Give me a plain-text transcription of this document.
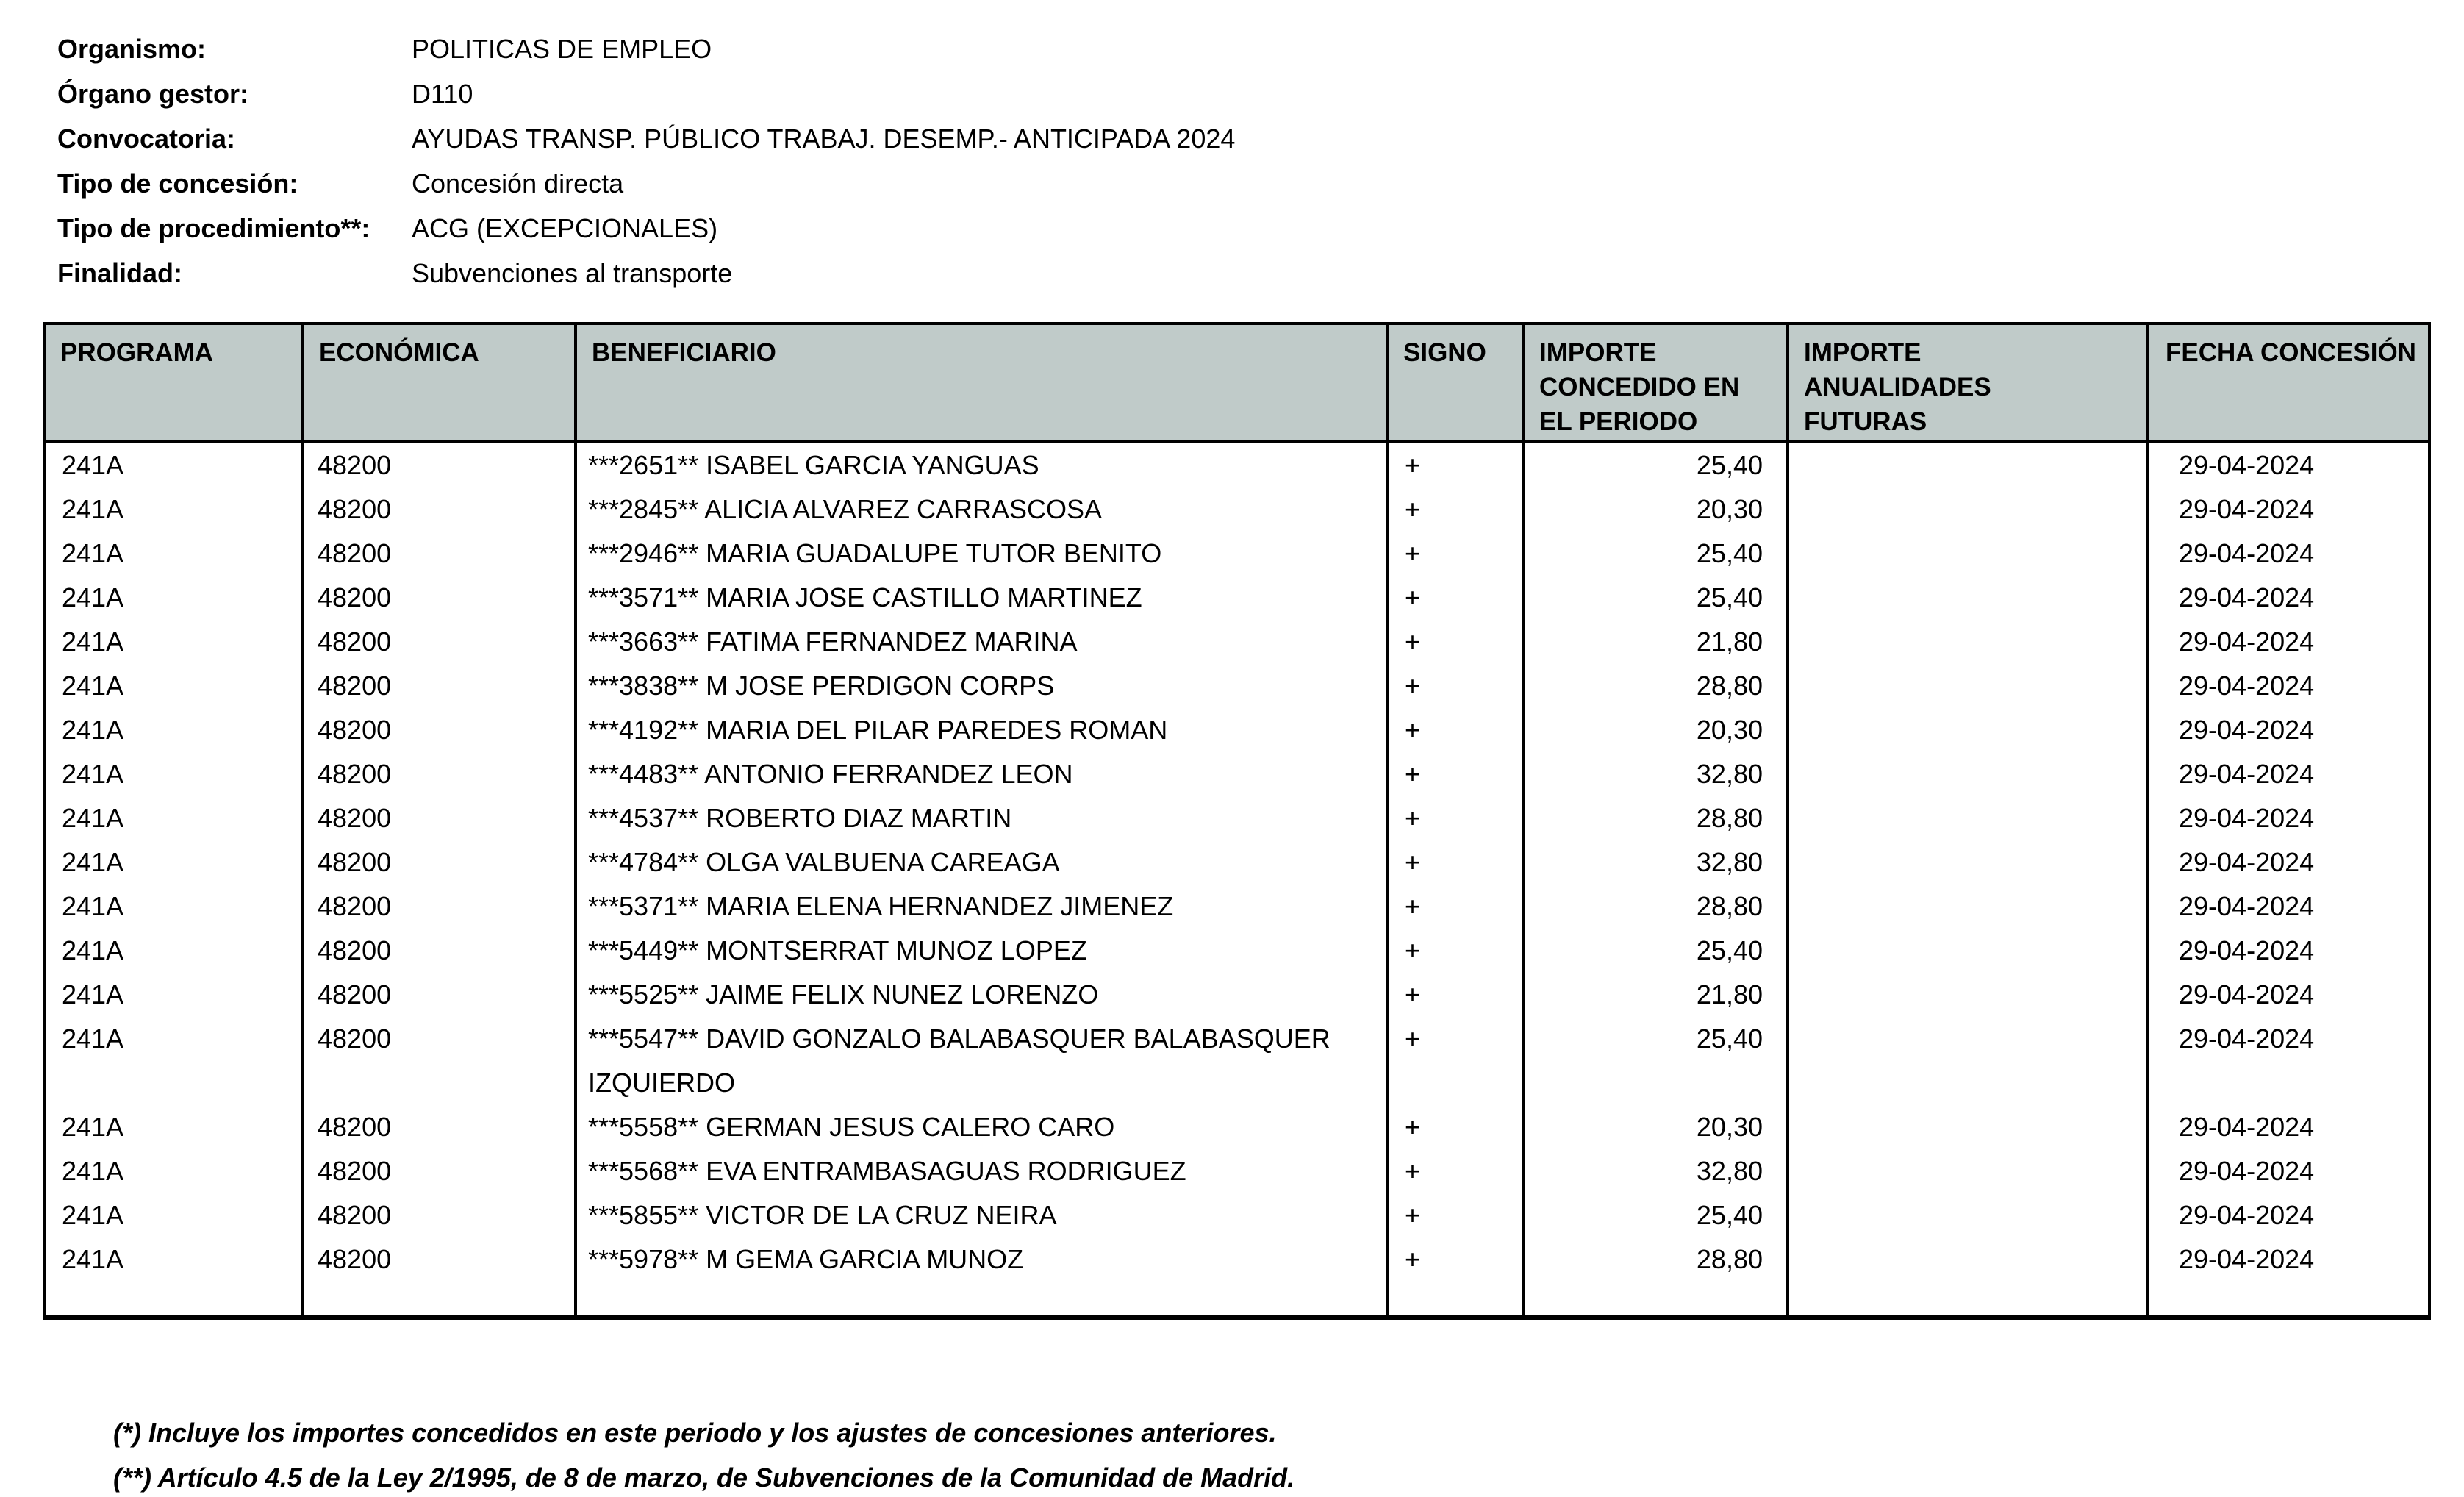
Organismo:	POLITICAS DE EMPLEO
Órgano gestor:	D110
Convocatoria:	AYUDAS TRANSP. PÚBLICO TRABAJ. DESEMP.- ANTICIPADA 2024
Tipo de concesión:	Concesión directa
Tipo de procedimiento**:	ACG (EXCEPCIONALES)
Finalidad:	Subvenciones al transporte
PROGRAMA	ECONÓMICA	BENEFICIARIO	SIGNO	IMPORTE CONCEDIDO EN EL PERIODO	IMPORTE ANUALIDADES FUTURAS	FECHA CONCESIÓN
241A	48200	***2651** ISABEL GARCIA YANGUAS	+	25,40		29-04-2024
241A	48200	***2845** ALICIA ALVAREZ CARRASCOSA	+	20,30		29-04-2024
241A	48200	***2946** MARIA GUADALUPE TUTOR BENITO	+	25,40		29-04-2024
241A	48200	***3571** MARIA JOSE CASTILLO MARTINEZ	+	25,40		29-04-2024
241A	48200	***3663** FATIMA FERNANDEZ MARINA	+	21,80		29-04-2024
241A	48200	***3838** M JOSE PERDIGON CORPS	+	28,80		29-04-2024
241A	48200	***4192** MARIA DEL PILAR PAREDES ROMAN	+	20,30		29-04-2024
241A	48200	***4483** ANTONIO FERRANDEZ LEON	+	32,80		29-04-2024
241A	48200	***4537** ROBERTO DIAZ MARTIN	+	28,80		29-04-2024
241A	48200	***4784** OLGA VALBUENA CAREAGA	+	32,80		29-04-2024
241A	48200	***5371** MARIA ELENA HERNANDEZ JIMENEZ	+	28,80		29-04-2024
241A	48200	***5449** MONTSERRAT MUNOZ LOPEZ	+	25,40		29-04-2024
241A	48200	***5525** JAIME FELIX NUNEZ LORENZO	+	21,80		29-04-2024
241A	48200	***5547** DAVID GONZALO BALABASQUER BALABASQUER IZQUIERDO	+	25,40		29-04-2024
241A	48200	***5558** GERMAN JESUS CALERO CARO	+	20,30		29-04-2024
241A	48200	***5568** EVA ENTRAMBASAGUAS RODRIGUEZ	+	32,80		29-04-2024
241A	48200	***5855** VICTOR DE LA CRUZ NEIRA	+	25,40		29-04-2024
241A	48200	***5978** M GEMA GARCIA MUNOZ	+	28,80		29-04-2024

(*) Incluye los importes concedidos en este periodo y los ajustes de concesiones anteriores.
(**) Artículo 4.5 de la Ley 2/1995, de 8 de marzo, de Subvenciones de la Comunidad de Madrid.
